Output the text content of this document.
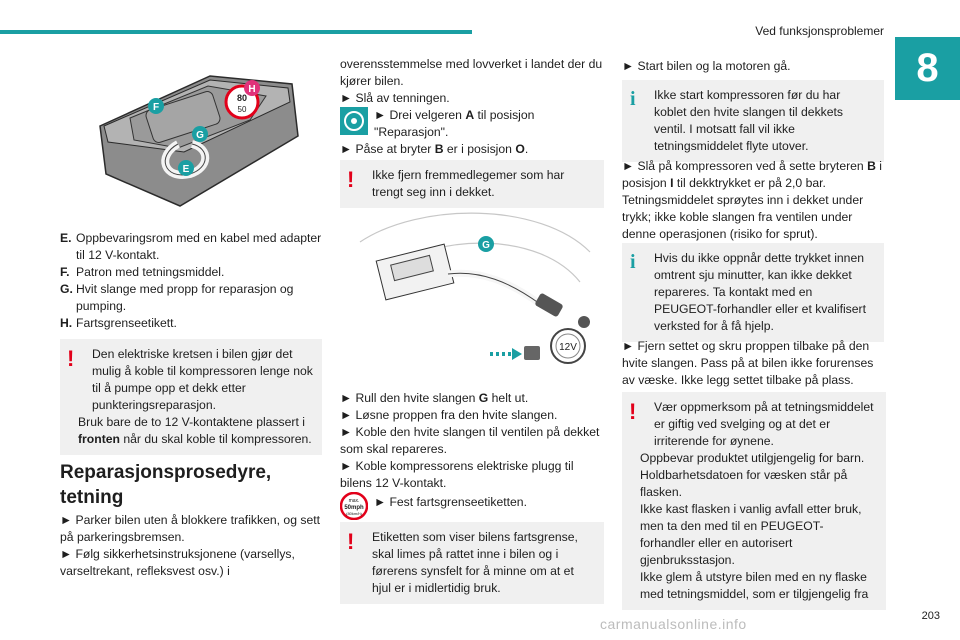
Ved funksjonsproblemer
8
80
50
F
H
G
E
E. Oppbevaringsrom med en kabel med adapter til 12 V-kontakt.
F. Patron med tetningsmiddel.
G. Hvit slange med propp for reparasjon og pumping.
H. Fartsgrenseetikett.
!	Den elektriske kretsen i bilen gjør det mulig å koble til kompressoren lenge nok til å pumpe opp et dekk etter punkteringsreparasjon.

Bruk bare de to 12 V-kontaktene plassert i fronten når du skal koble til kompressoren.

Reparasjonsprosedyre, tetning

► Parker bilen uten å blokkere trafikken, og sett på parkeringsbremsen.

► Følg sikkerhetsinstruksjonene (varsellys, varseltrekant, refleksvest osv.) i

overensstemmelse med lovverket i landet der du kjører bilen.

► Slå av tenningen.

► Drei velgeren A til posisjon "Reparasjon".

► Påse at bryter B er i posisjon O.

!	Ikke fjern fremmedlegemer som har trengt seg inn i dekket.

G
12V

► Rull den hvite slangen G helt ut.

► Løsne proppen fra den hvite slangen.

► Koble den hvite slangen til ventilen på dekket som skal repareres.

► Koble kompressorens elektriske plugg til bilens 12 V-kontakt.

max.
50mph
(80km/h)

► Fest fartsgrenseetiketten.

!	Etiketten som viser bilens fartsgrense, skal limes på rattet inne i bilen og i førerens synsfelt for å minne om at et hjul er i midlertidig bruk.

► Start bilen og la motoren gå.

i	Ikke start kompressoren før du har koblet den hvite slangen til dekkets ventil. I motsatt fall vil ikke tetningsmiddelet flyte utover.

► Slå på kompressoren ved å sette bryteren B i posisjon I til dekktrykket er på 2,0 bar. Tetningsmiddelet sprøytes inn i dekket under trykk; ikke koble slangen fra ventilen under denne operasjonen (risiko for sprut).

i	Hvis du ikke oppnår dette trykket innen omtrent sju minutter, kan ikke dekket repareres. Ta kontakt med en PEUGEOT-forhandler eller et kvalifisert verksted for å få hjelp.

► Fjern settet og skru proppen tilbake på den hvite slangen. Pass på at bilen ikke forurenses av væske. Ikke legg settet tilbake på plass.

!	Vær oppmerksom på at tetningsmiddelet er giftig ved svelging og at det er irriterende for øynene.

Oppbevar produktet utilgjengelig for barn.

Holdbarhetsdatoen for væsken står på flasken.

Ikke kast flasken i vanlig avfall etter bruk, men ta den med til en PEUGEOT-forhandler eller en autorisert gjenbruksstasjon.

Ikke glem å utstyre bilen med en ny flaske med tetningsmiddel, som er tilgjengelig fra

203
carmanualsonline.info
